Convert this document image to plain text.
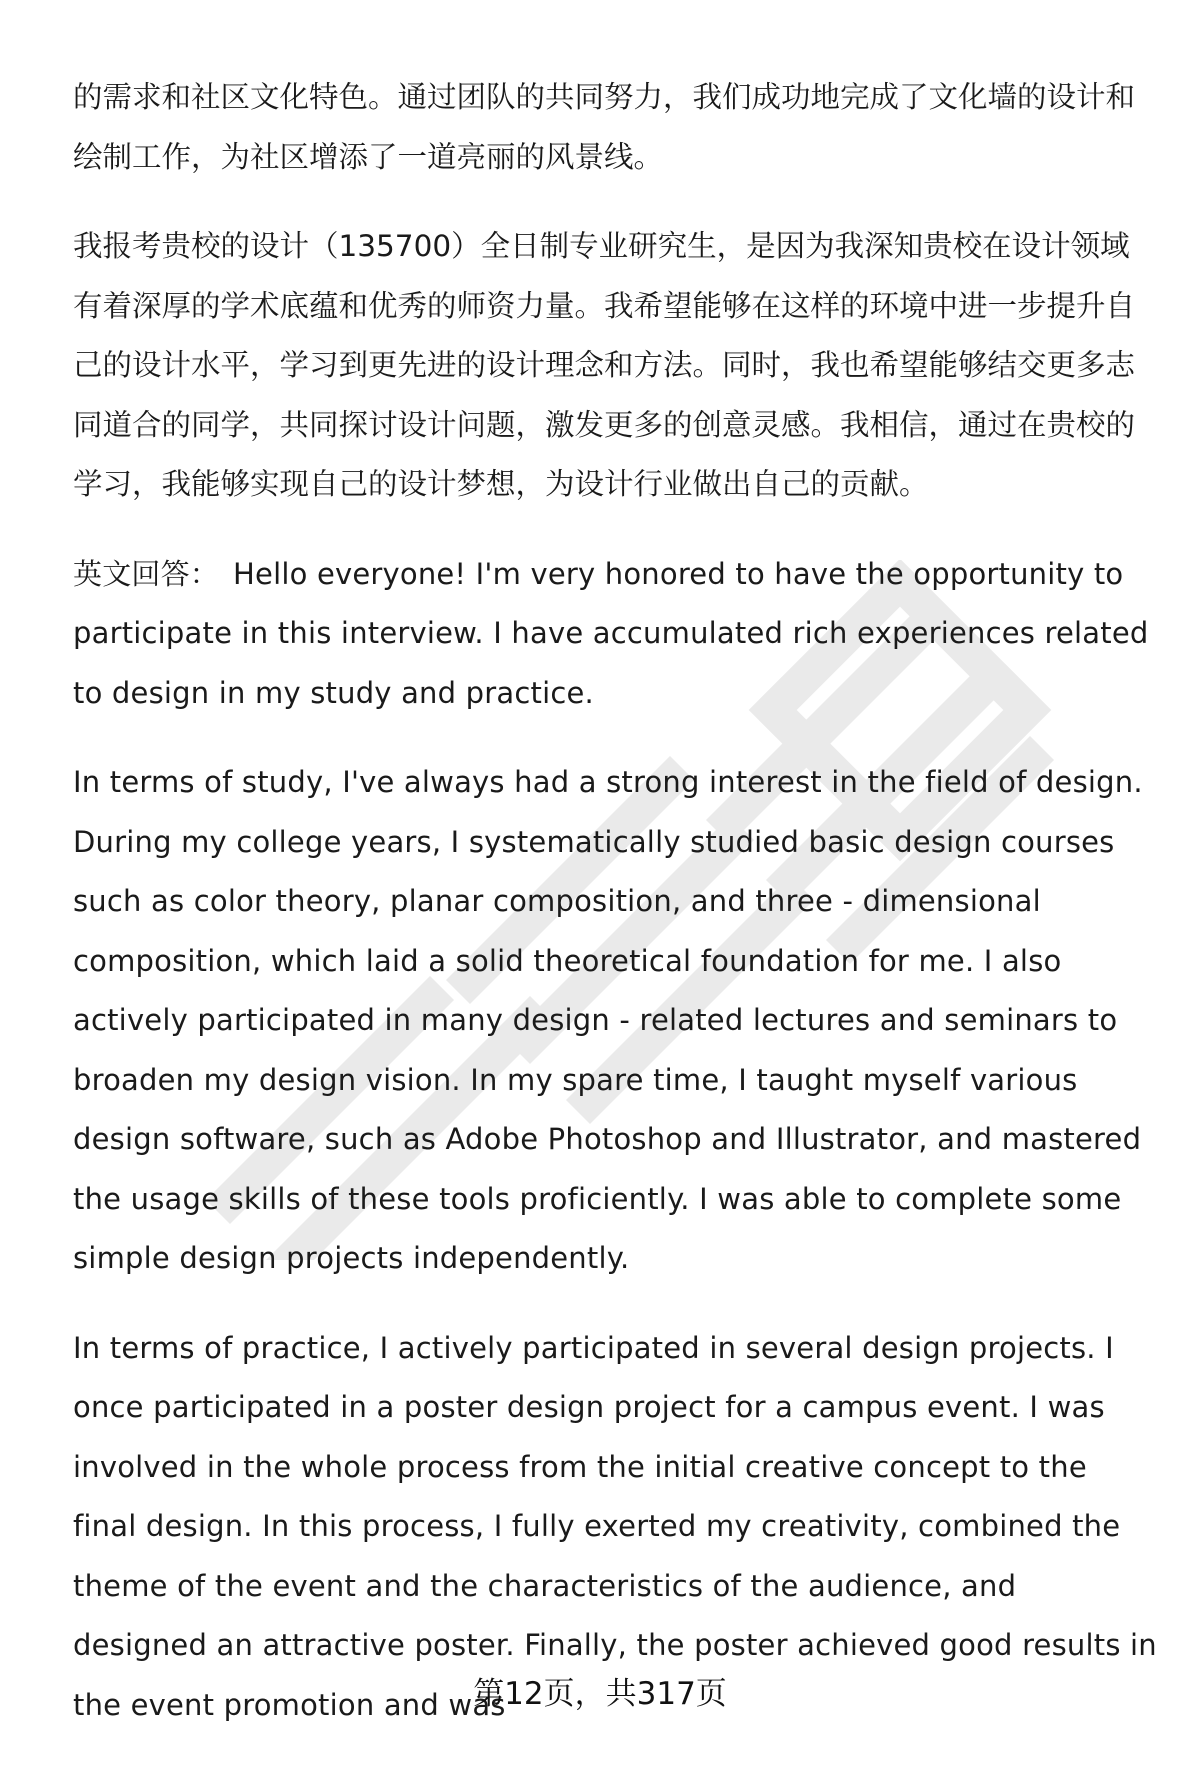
的需求和社区文化特色。通过团队的共同努力，我们成功地完成了文化墙的设计和绘制工作，为社区增添了一道亮丽的风景线。

我报考贵校的设计（135700）全日制专业研究生，是因为我深知贵校在设计领域有着深厚的学术底蕴和优秀的师资力量。我希望能够在这样的环境中进一步提升自己的设计水平，学习到更先进的设计理念和方法。同时，我也希望能够结交更多志同道合的同学，共同探讨设计问题，激发更多的创意灵感。我相信，通过在贵校的学习，我能够实现自己的设计梦想，为设计行业做出自己的贡献。

英文回答： Hello everyone! I'm very honored to have the opportunity to participate in this interview. I have accumulated rich experiences related to design in my study and practice.

In terms of study, I've always had a strong interest in the field of design. During my college years, I systematically studied basic design courses such as color theory, planar composition, and three - dimensional composition, which laid a solid theoretical foundation for me. I also actively participated in many design - related lectures and seminars to broaden my design vision. In my spare time, I taught myself various design software, such as Adobe Photoshop and Illustrator, and mastered the usage skills of these tools proficiently. I was able to complete some simple design projects independently.

In terms of practice, I actively participated in several design projects. I once participated in a poster design project for a campus event. I was involved in the whole process from the initial creative concept to the final design. In this process, I fully exerted my creativity, combined the theme of the event and the characteristics of the audience, and designed an attractive poster. Finally, the poster achieved good results in the event promotion and was

第12页，共317页
